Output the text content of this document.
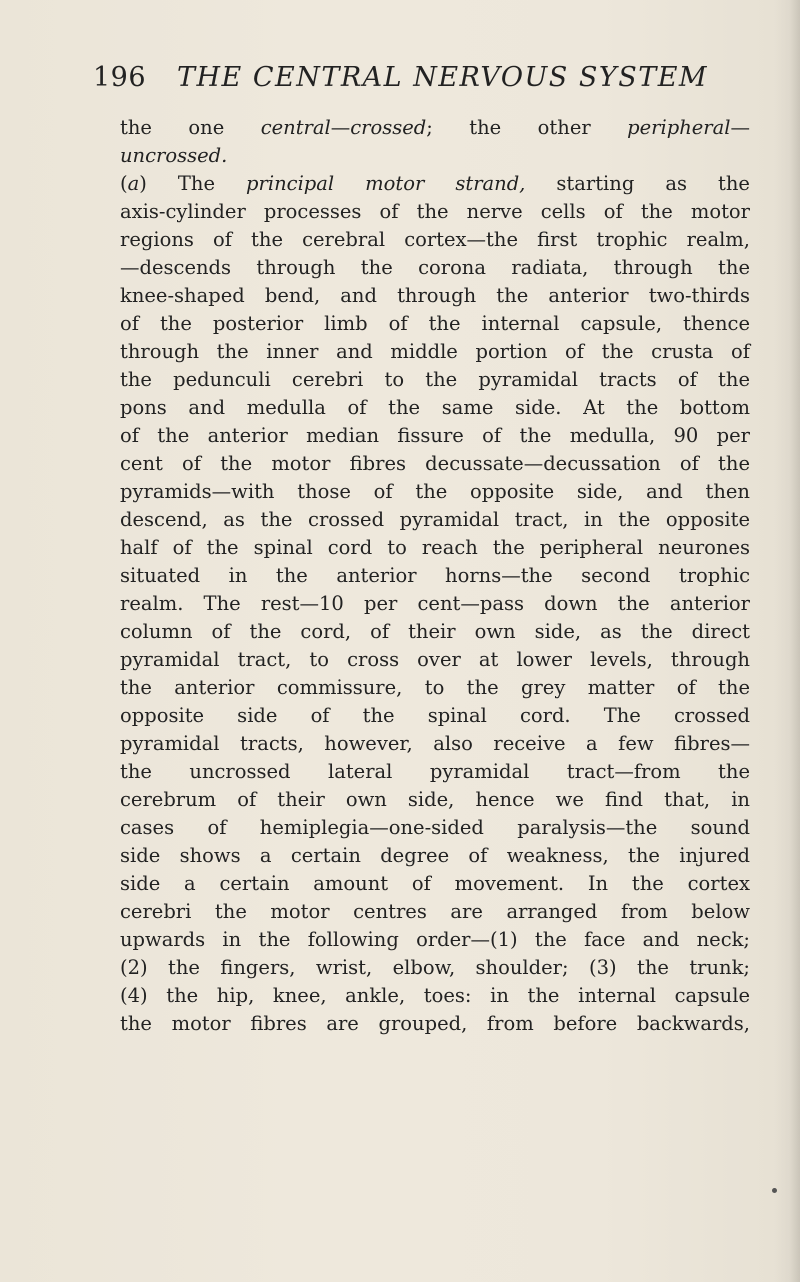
196 THE CENTRAL NERVOUS SYSTEM
the one central—crossed; the other peripheral—
uncrossed.
(a) The principal motor strand, starting as the
axis-cylinder processes of the nerve cells of the motor
regions of the cerebral cortex—the first trophic realm,
—descends through the corona radiata, through the
knee-shaped bend, and through the anterior two-thirds
of the posterior limb of the internal capsule, thence
through the inner and middle portion of the crusta of
the pedunculi cerebri to the pyramidal tracts of the
pons and medulla of the same side. At the bottom
of the anterior median fissure of the medulla, 90 per
cent of the motor fibres decussate—decussation of the
pyramids—with those of the opposite side, and then
descend, as the crossed pyramidal tract, in the opposite
half of the spinal cord to reach the peripheral neurones
situated in the anterior horns—the second trophic
realm. The rest—10 per cent—pass down the anterior
column of the cord, of their own side, as the direct
pyramidal tract, to cross over at lower levels, through
the anterior commissure, to the grey matter of the
opposite side of the spinal cord. The crossed
pyramidal tracts, however, also receive a few fibres—
the uncrossed lateral pyramidal tract—from the
cerebrum of their own side, hence we find that, in
cases of hemiplegia—one-sided paralysis—the sound
side shows a certain degree of weakness, the injured
side a certain amount of movement. In the cortex
cerebri the motor centres are arranged from below
upwards in the following order—(1) the face and neck;
(2) the fingers, wrist, elbow, shoulder; (3) the trunk;
(4) the hip, knee, ankle, toes: in the internal capsule
the motor fibres are grouped, from before backwards,
